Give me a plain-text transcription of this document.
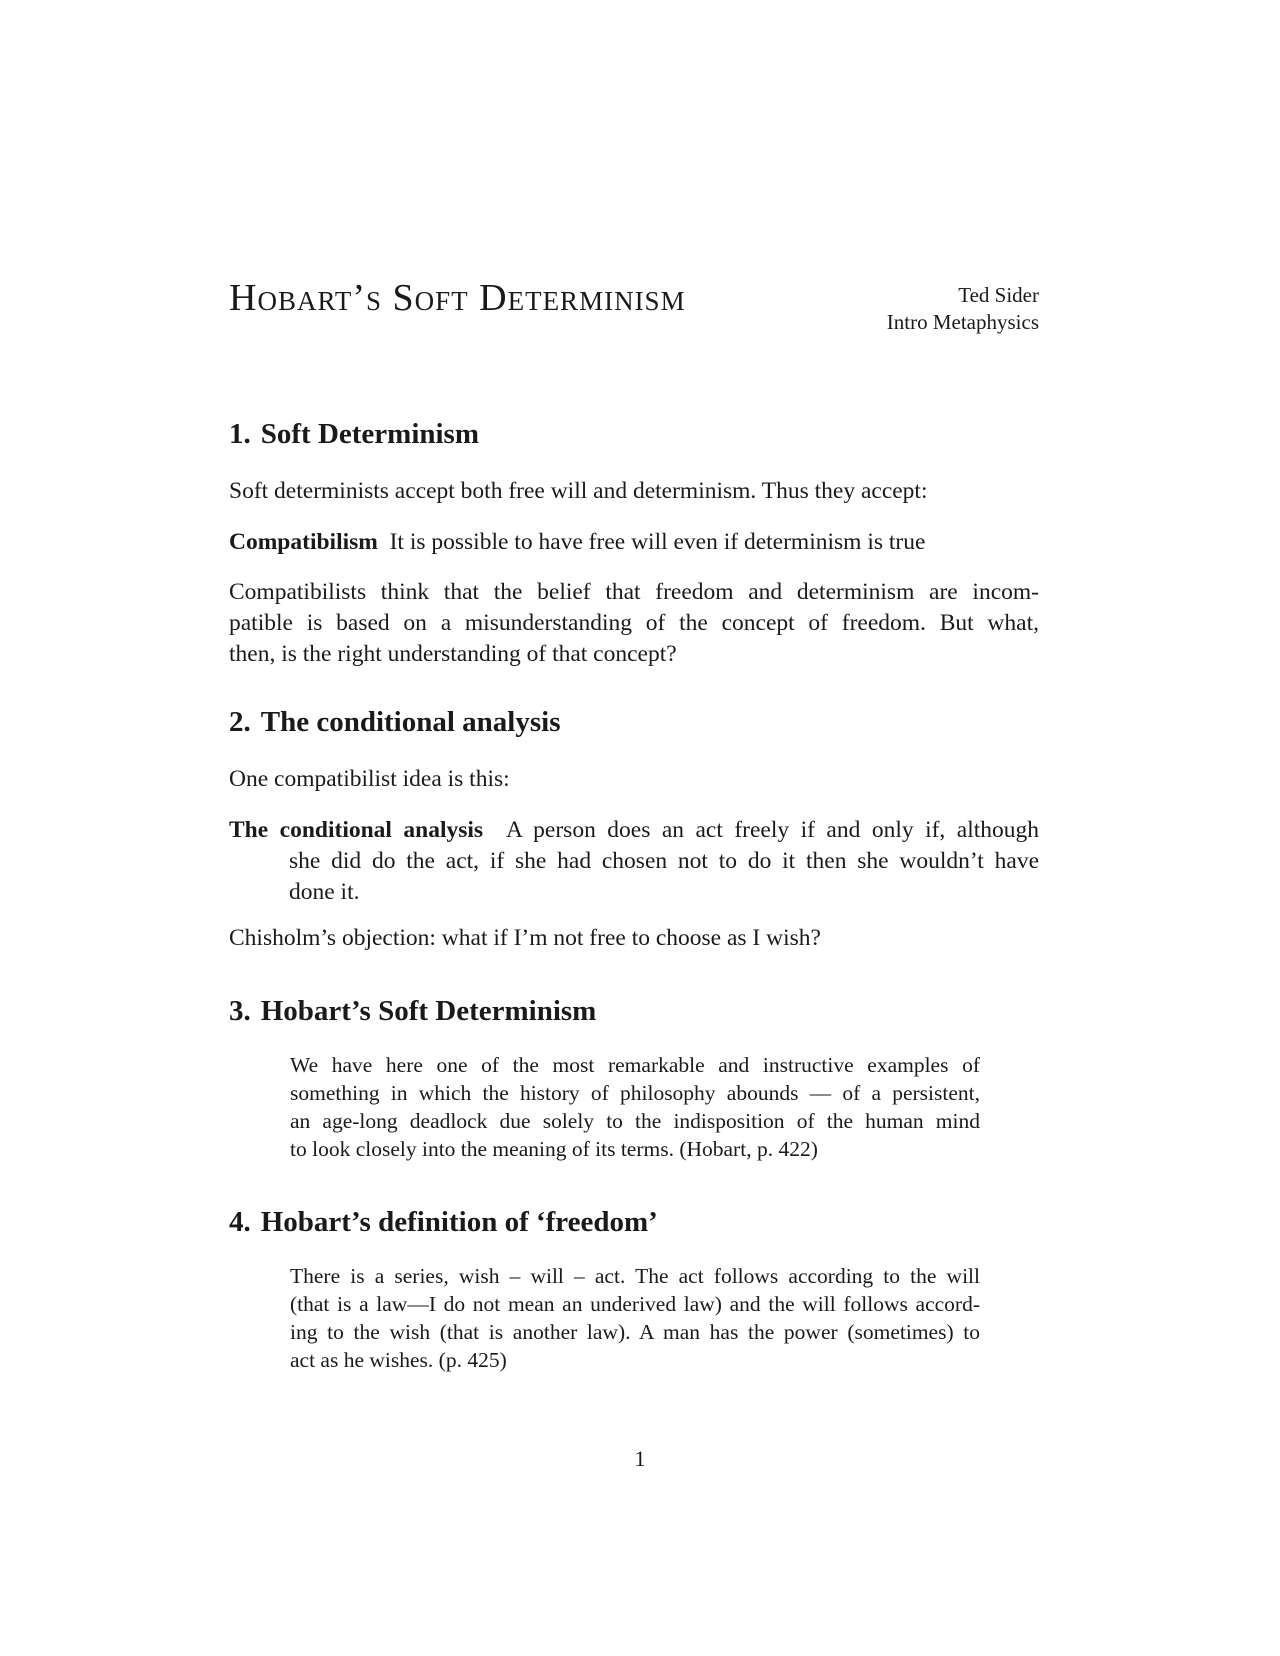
Hobart’s Soft Determinism	Ted Sider
Intro Metaphysics
1. Soft Determinism

Soft determinists accept both free will and determinism. Thus they accept:

Compatibilism It is possible to have free will even if determinism is true

Compatibilists think that the belief that freedom and determinism are incom-
patible is based on a misunderstanding of the concept of freedom. But what,
then, is the right understanding of that concept?

2. The conditional analysis

One compatibilist idea is this:

The conditional analysis A person does an act freely if and only if, although
she did do the act, if she had chosen not to do it then she wouldn’t have
done it.

Chisholm’s objection: what if I’m not free to choose as I wish?

3. Hobart’s Soft Determinism
We have here one of the most remarkable and instructive examples of
something in which the history of philosophy abounds — of a persistent,
an age-long deadlock due solely to the indisposition of the human mind
to look closely into the meaning of its terms. (Hobart, p. 422)
4. Hobart’s definition of ‘freedom’
There is a series, wish – will – act. The act follows according to the will
(that is a law—I do not mean an underived law) and the will follows accord-
ing to the wish (that is another law). A man has the power (sometimes) to
act as he wishes. (p. 425)
1
